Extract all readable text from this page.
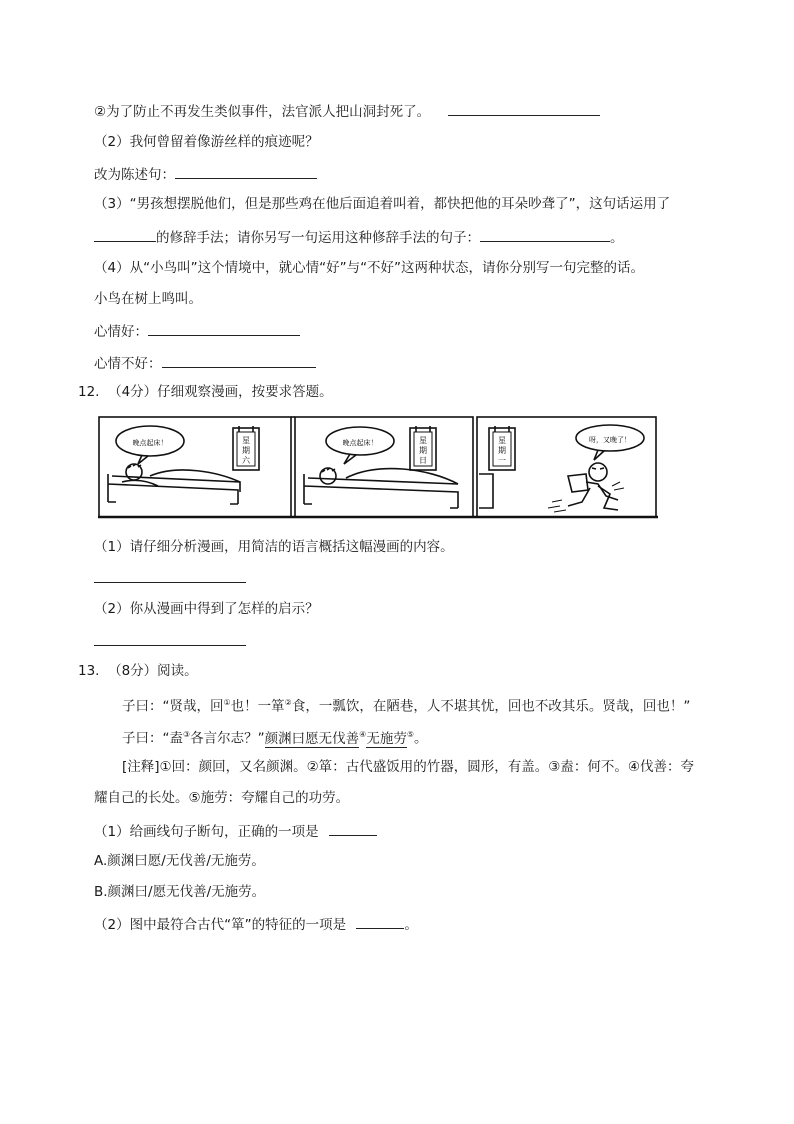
②为了防止不再发生类似事件，法官派人把山洞封死了。
（2）我何曾留着像游丝样的痕迹呢？
改为陈述句：
（3）“男孩想摆脱他们，但是那些鸡在他后面追着叫着，都快把他的耳朵吵聋了”，这句话运用了
的修辞手法；请你另写一句运用这种修辞手法的句子：	。
（4）从“小鸟叫”这个情境中，就心情“好”与“不好”这两种状态，请你分别写一句完整的话。
小鸟在树上鸣叫。
心情好：
心情不好：
12. （4分）仔细观察漫画，按要求答题。
晚点起床！	晚点起床！	呀，又晚了！
星
期
六
星
期
日
星
期
一
（1）请仔细分析漫画，用简洁的语言概括这幅漫画的内容。
（2）你从漫画中得到了怎样的启示？
13. （8分）阅读。
子曰：“贤哉，回①也！一箪②食，一瓢饮，在陋巷，人不堪其忧，回也不改其乐。贤哉，回也！”
子曰：“盍③各言尔志？”颜渊曰愿无伐善④无施劳⑤。
[注释]①回：颜回，又名颜渊。②箪：古代盛饭用的竹器，圆形，有盖。③盍：何不。④伐善：夸
耀自己的长处。⑤施劳：夸耀自己的功劳。
（1）给画线句子断句，正确的一项是
A.颜渊曰愿/无伐善/无施劳。
B.颜渊曰/愿无伐善/无施劳。
（2）图中最符合古代“箪”的特征的一项是	。
